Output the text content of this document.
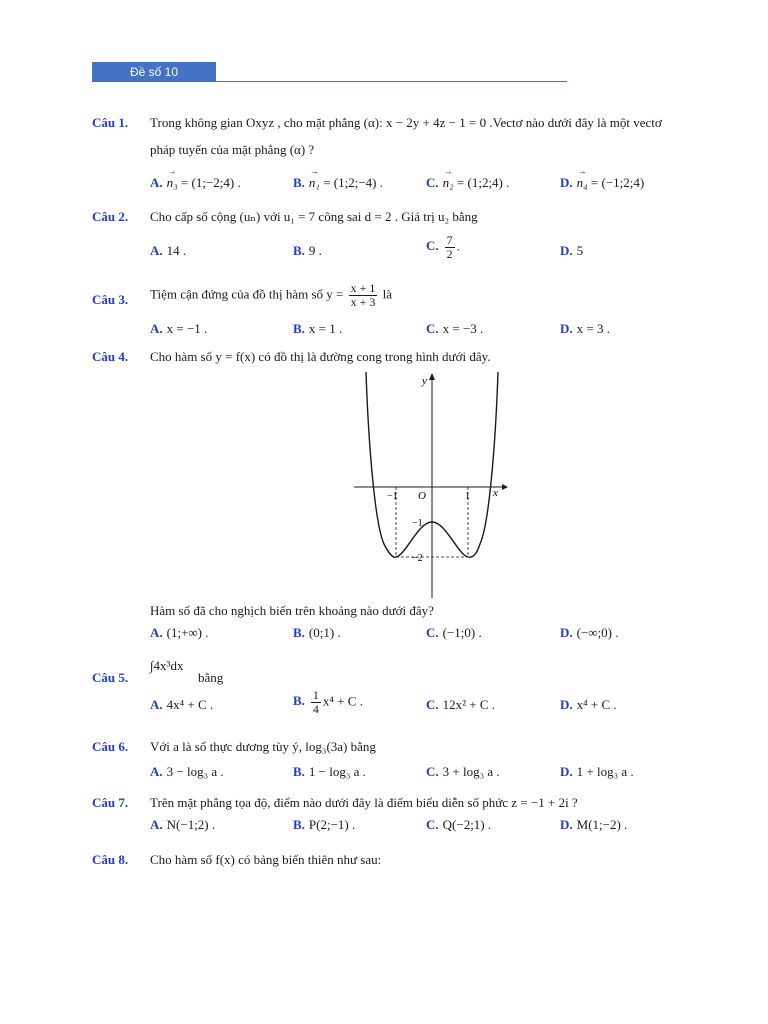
Đề số 10
Câu 1. Trong không gian Oxyz , cho mặt phẳng (α): x − 2y + 4z − 1 = 0 .Vectơ nào dưới đây là một vectơ
pháp tuyến của mặt phẳng (α) ?
A. → n₃ = (1;−2;4) .	B. → n₁ = (1;2;−4) .	C. → n₂ = (1;2;4) .	D. → n₄ = (−1;2;4)
Câu 2. Cho cấp số cộng (uₙ) với u₁ = 7 công sai d = 2 . Giá trị u₂ bằng
A. 14 .	B. 9 .	C. $\frac{7}{2}$ .	D. 5
Câu 3. Tiệm cận đứng của đồ thị hàm số $y = \frac{x + 1}{x + 3}$ là
A. x = −1 .	B. x = 1 .	C. x = −3 .	D. x = 3 .
Câu 4. Cho hàm số y = f(x) có đồ thị là đường cong trong hình dưới đây.
y
x
O
−1	1
−1
−2
Hàm số đã cho nghịch biến trên khoảng nào dưới đây?
A. (1;+∞) .	B. (0;1) .	C. (−1;0) .	D. (−∞;0) .
Câu 5.
∫4x³dx
bằng
A. 4x⁴ + C .	B. $\frac{1}{4} x^4 + C$ .	C. 12x² + C .	D. x⁴ + C .
Câu 6. Với a là số thực dương tùy ý, log₃(3a) bằng
A. 3 − log₃ a .	B. 1 − log₃ a .	C. 3 + log₃ a .	D. 1 + log₃ a .
Câu 7. Trên mặt phẳng tọa độ, điểm nào dưới đây là điểm biểu diễn số phức z = −1 + 2i ?
A. N(−1;2) .	B. P(2;−1) .	C. Q(−2;1) .	D. M(1;−2) .
Câu 8. Cho hàm số f(x) có bảng biến thiên như sau:
